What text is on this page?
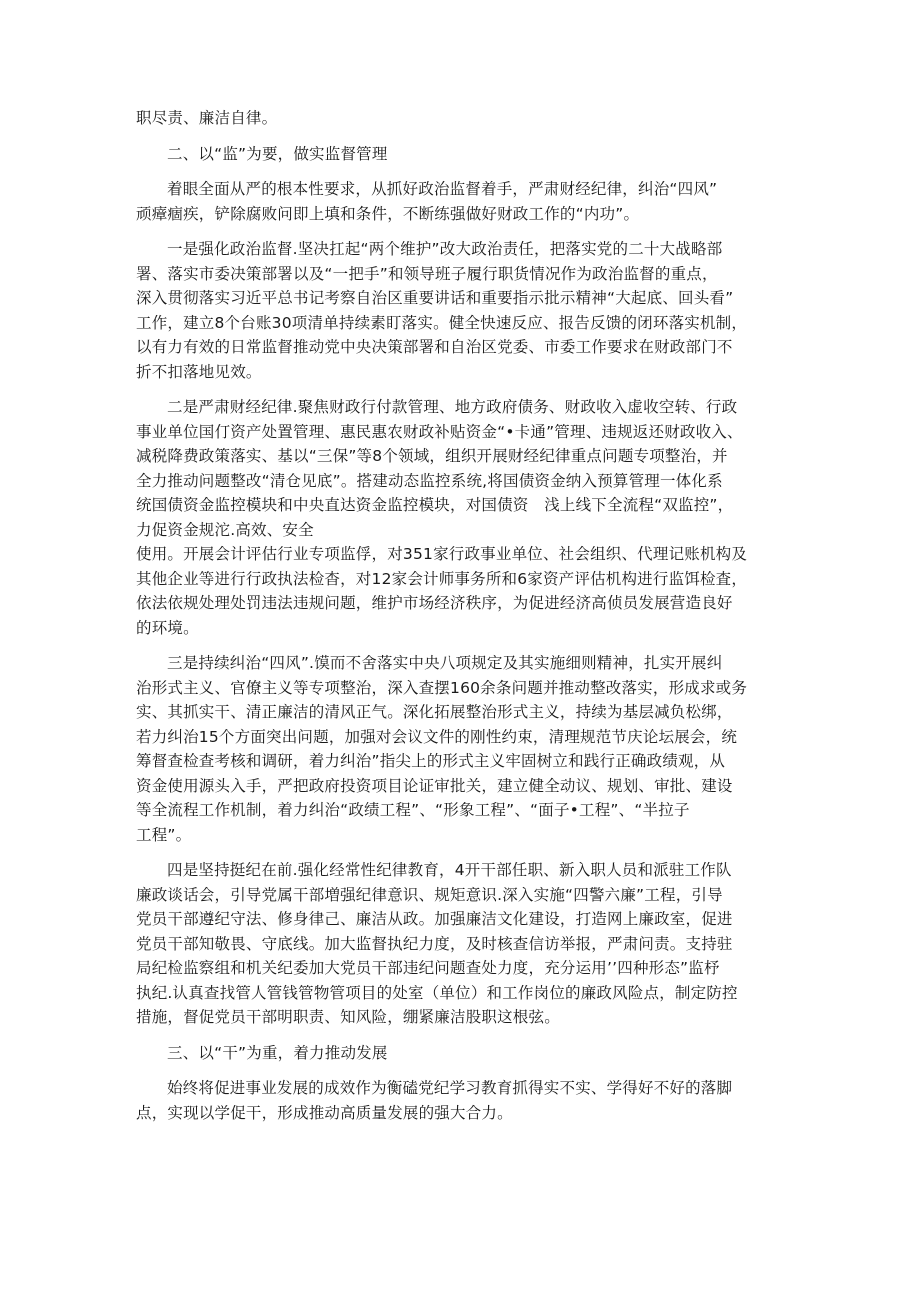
职尽责、廉洁自律。
二、以“监”为要，做实监督管理
着眼全面从严的根本性要求，从抓好政治监督着手，严肃财经纪律，纠治“四风”
顽瘴痼疾，铲除腐败问即上填和条件，不断练强做好财政工作的“内功”。
一是强化政治监督.坚决扛起“两个维护”改大政治责任，把落实党的二十大战略部
署、落实市委决策部署以及“一把手”和领导班子履行职货情况作为政治监督的重点，
深入贯彻落实习近平总书记考察自治区重要讲话和重要指示批示精神“大起底、回头看”
工作，建立8个台账30项清单持续素盯落实。健全快速反应、报告反馈的闭环落实机制，
以有力有效的日常监督推动党中央决策部署和自治区党委、市委工作要求在财政部门不
折不扣落地见效。
二是严肃财经纪律.聚焦财政行付款管理、地方政府债务、财政收入虚收空转、行政
事业单位国仃资产处置管理、惠民惠农财政补贴资金“•卡通”管理、违规返还财政收入、
减税降费政策落实、基以“三保”等8个领域，组织开展财经纪律重点问题专项整治，并
全力推动问题整改“清仓见底”。搭建动态监控系统,将国债资金纳入预算管理一体化系
统国债资金监控模块和中央直达资金监控模块，对国债资　浅上线下全流程“双监控”，
力促资金规沱.高效、安全
使用。开展会计评估行业专项监俘，对351家行政事业单位、社会组织、代理记账机构及
其他企业等进行行政执法检杳，对12家会计师事务所和6家资产评估机构进行监饵检査，
依法依规处理处罚违法违规问题，维护市场经济秩序，为促进经济高侦员发展营造良好
的环境。
三是持续纠治“四风”.馍而不舍落实中央八项规定及其实施细则精神，扎实开展纠
治形式主义、官僚主义等专项整治，深入查摆160余条问题并推动整改落实，形成求或务
实、其抓实干、清正廉洁的清风正气。深化拓展整治形式主义，持续为基层减负松绑，
若力纠治15个方面突出问题，加强对会议文件的刚性约束，清理规范节庆论坛展会，统
筹督查检查考核和调研，着力纠治”指尖上的形式主义牢固树立和践行正确政绩观，从
资金使用源头入手，严把政府投资项目论证审批关，建立健全动议、规划、审批、建设
等全流程工作机制，着力纠治“政绩工程”、“形象工程”、“面子•工程”、“半拉子
工程”。
四是坚持挺纪在前.强化经常性纪律教育，4开干部任职、新入职人员和派驻工作队
廉政谈话会，引导党属干部増强纪律意识、规矩意识.深入实施“四警六廉”工程，引导
党员干部遵纪守法、修身律己、廉洁从政。加强廉洁文化建设，打造网上廉政室，促进
党员干部知敬畏、守底线。加大监督执纪力度，及时核查信访举报，严肃问责。支持驻
局纪检监察组和机关纪委加大党员干部违纪问题查处力度，充分运用’’四种形态”监杼
执纪.认真查找管人管钱管物管项目的处室（单位）和工作岗位的廉政风险点，制定防控
措施，督促党员干部明职责、知风险，绷紧廉洁股职这根弦。
三、以“干”为重，着力推动发展
始终将促进事业发展的成效作为衡磕党纪学习教育抓得实不实、学得好不好的落脚
点，实现以学促干，形成推动高质量发展的强大合力。
